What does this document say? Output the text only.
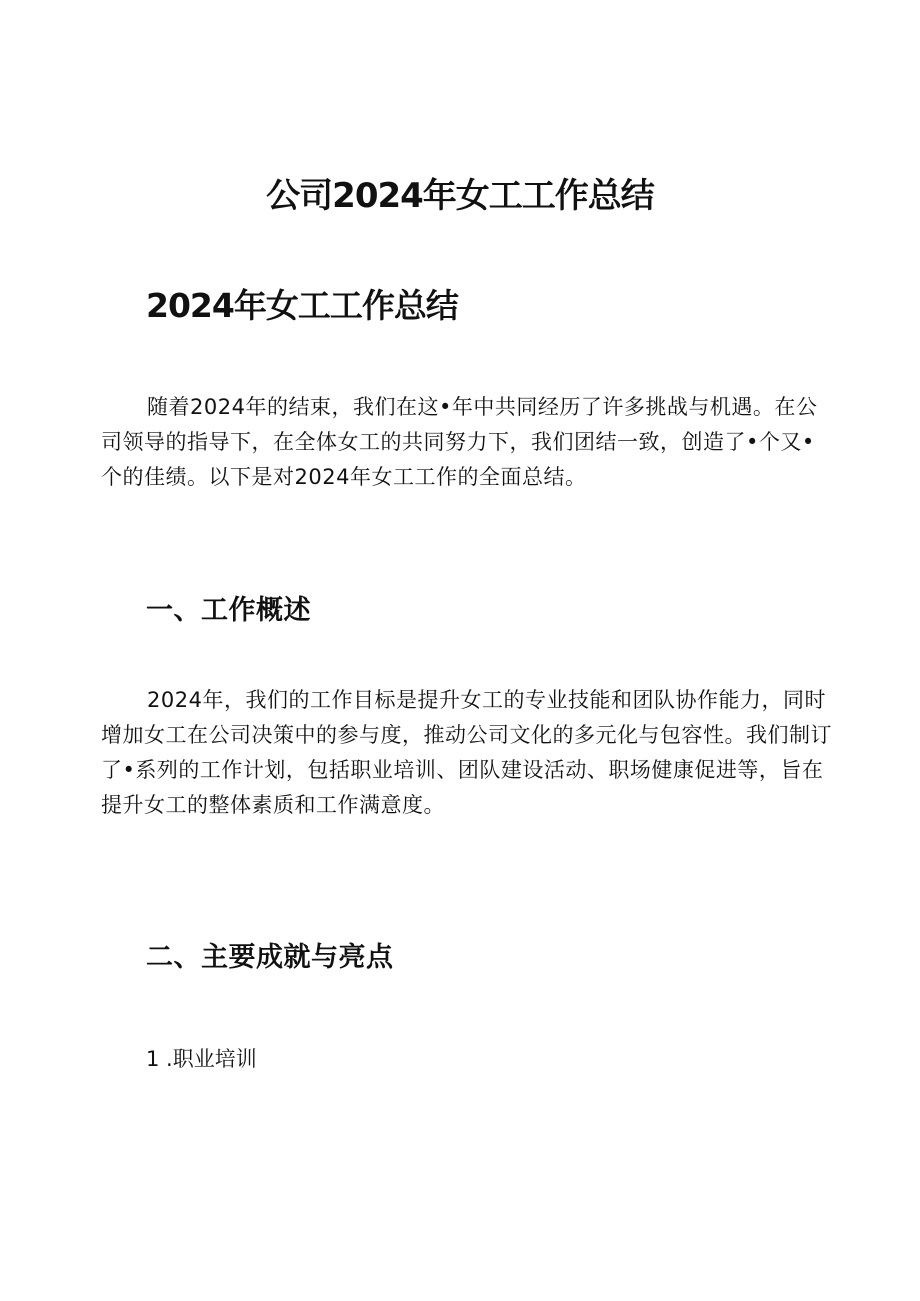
公司2024年女工工作总结
2024年女工工作总结

随着2024年的结束，我们在这•年中共同经历了许多挑战与机遇。在公司领导的指导下，在全体女工的共同努力下，我们团结一致，创造了•个又•个的佳绩。以下是对2024年女工工作的全面总结。

一、工作概述

2024年，我们的工作目标是提升女工的专业技能和团队协作能力，同时增加女工在公司决策中的参与度，推动公司文化的多元化与包容性。我们制订了•系列的工作计划，包括职业培训、团队建设活动、职场健康促进等，旨在提升女工的整体素质和工作满意度。

二、主要成就与亮点
1 .职业培训
